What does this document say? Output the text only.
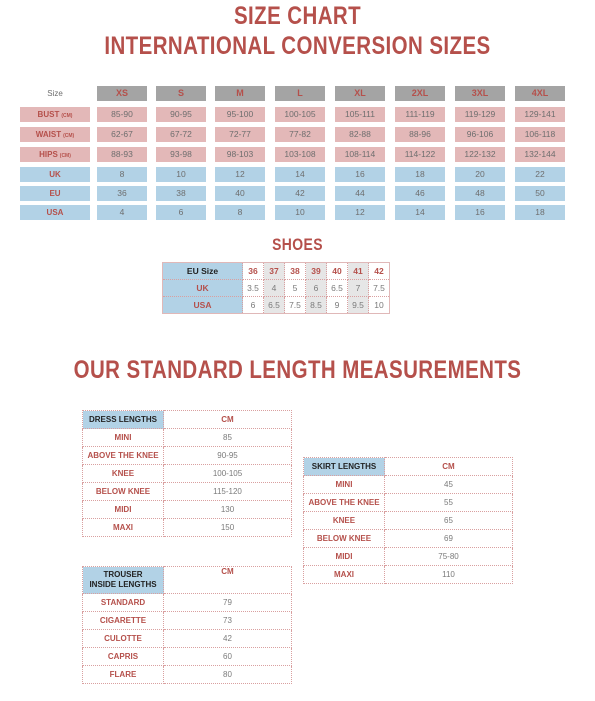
SIZE CHART
INTERNATIONAL CONVERSION SIZES
Size	XS	S	M	L	XL	2XL	3XL	4XL
BUST (CM)	85-90	90-95	95-100	100-105	105-111	111-119	119-129	129-141
WAIST (CM)	62-67	67-72	72-77	77-82	82-88	88-96	96-106	106-118
HIPS (CM)	88-93	93-98	98-103	103-108	108-114	114-122	122-132	132-144
UK	8	10	12	14	16	18	20	22
EU	36	38	40	42	44	46	48	50
USA	4	6	8	10	12	14	16	18
SHOES
EU Size	36	37	38	39	40	41	42
UK	3.5	4	5	6	6.5	7	7.5
USA	6	6.5	7.5	8.5	9	9.5	10
OUR STANDARD LENGTH MEASUREMENTS
DRESS LENGTHS	CM
MINI	85
ABOVE THE KNEE	90-95
KNEE	100-105
BELOW KNEE	115-120
MIDI	130
MAXI	150
SKIRT LENGTHS	CM
MINI	45
ABOVE THE KNEE	55
KNEE	65
BELOW KNEE	69
MIDI	75-80
MAXI	110
TROUSER
INSIDE LENGTHS	CM
STANDARD	79
CIGARETTE	73
CULOTTE	42
CAPRIS	60
FLARE	80
